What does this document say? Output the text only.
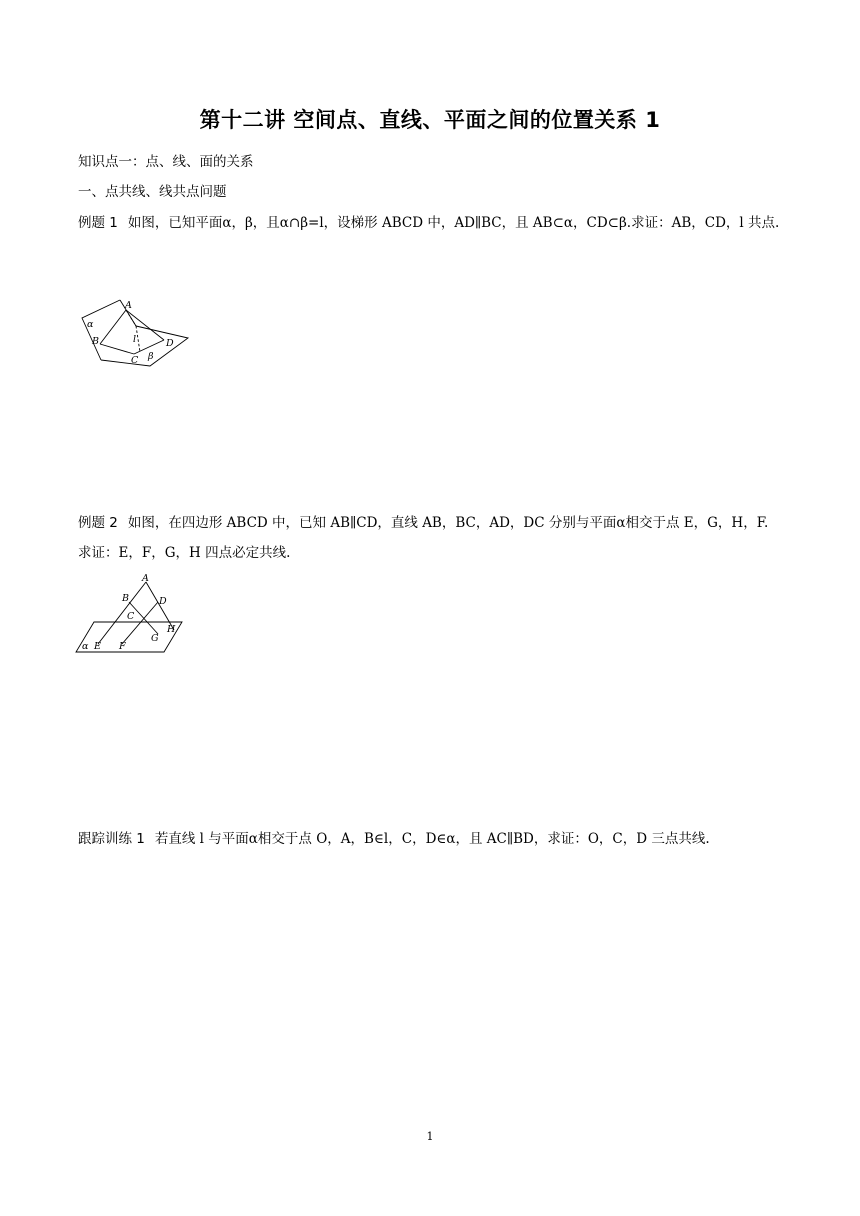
第十二讲 空间点、直线、平面之间的位置关系 1
知识点一：点、线、面的关系
一、点共线、线共点问题
例题 1 如图，已知平面α，β，且α∩β=l，设梯形 ABCD 中，AD∥BC，且 AB⊂α，CD⊂β.求证：AB，CD，l 共点.
A
B
C
D
l
α
β
例题 2 如图，在四边形 ABCD 中，已知 AB∥CD，直线 AB，BC，AD，DC 分别与平面α相交于点 E，G，H，F. 求证：E，F，G，H 四点必定共线.
A
B	D
C
G
H
E F
α
跟踪训练 1 若直线 l 与平面α相交于点 O，A，B∈l，C，D∈α，且 AC∥BD，求证：O，C，D 三点共线.
1
